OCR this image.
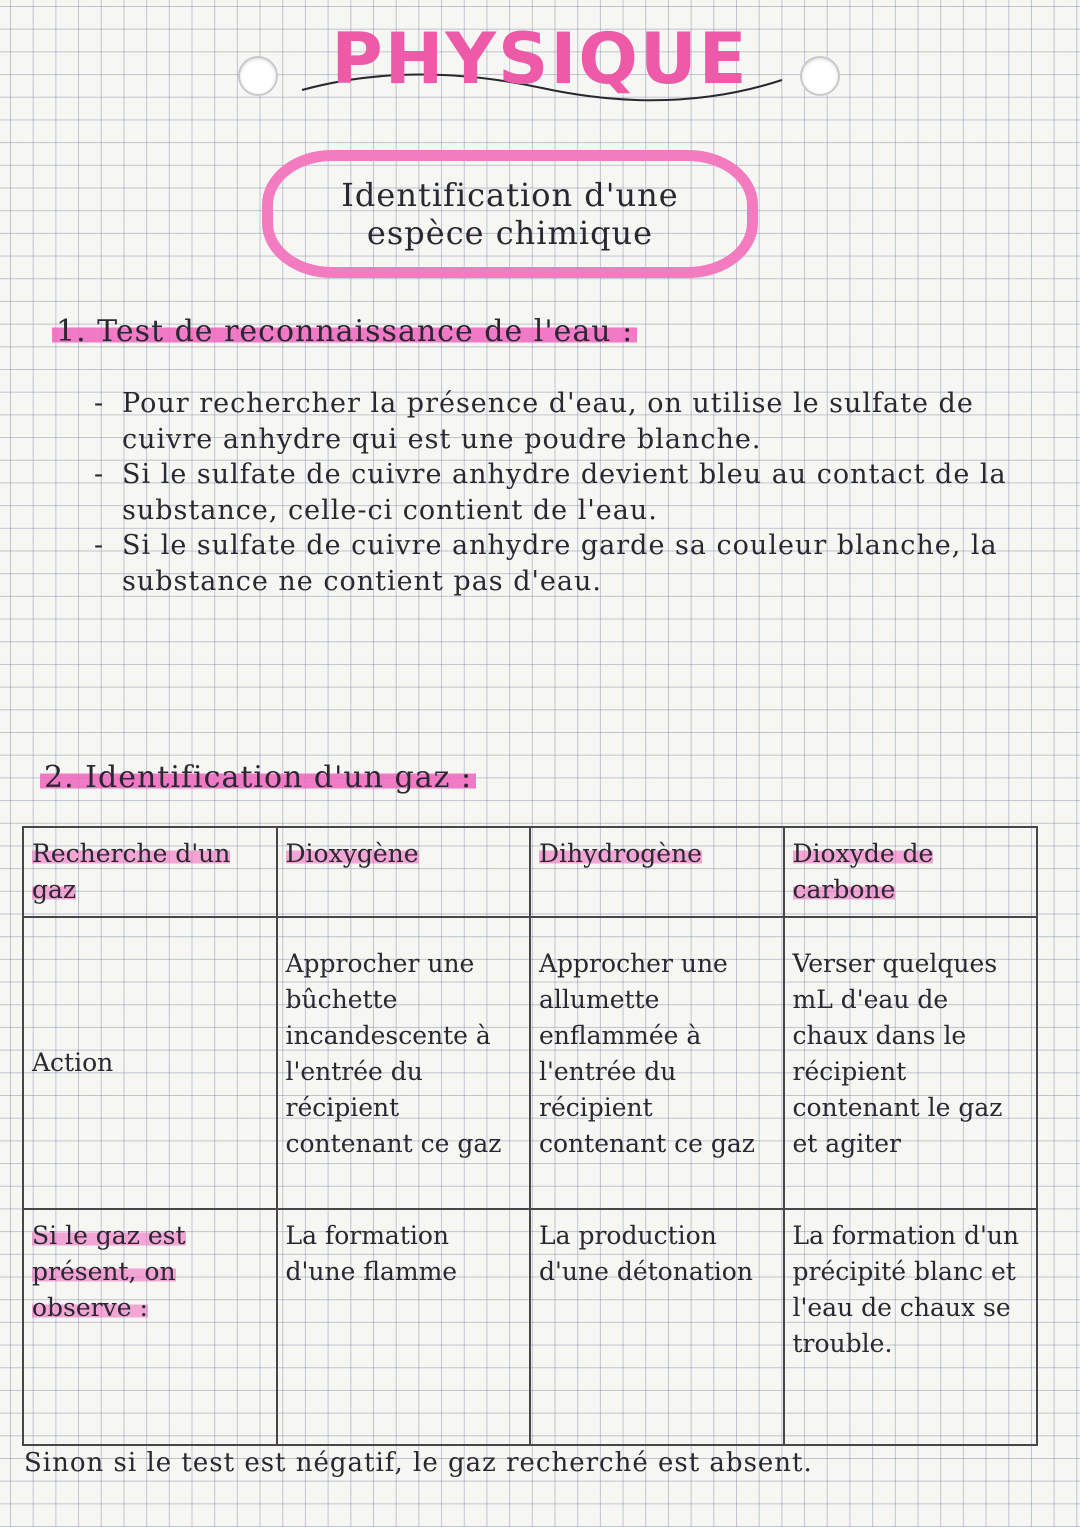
PHYSIQUE
Identification d'une
espèce chimique
1. Test de reconnaissance de l'eau :

- Pour rechercher la présence d'eau, on utilise le sulfate de cuivre anhydre qui est une poudre blanche.

- Si le sulfate de cuivre anhydre devient bleu au contact de la substance, celle-ci contient de l'eau.

- Si le sulfate de cuivre anhydre garde sa couleur blanche, la substance ne contient pas d'eau.

2. Identification d'un gaz :
Recherche d'un gaz	Dioxygène	Dihydrogène	Dioxyde de carbone
Action	Approcher une bûchette incandescente à l'entrée du récipient contenant ce gaz	Approcher une allumette enflammée à l'entrée du récipient contenant ce gaz	Verser quelques mL d'eau de chaux dans le récipient contenant le gaz et agiter

Si le gaz est présent, on observe :	La formation d'une flamme	La production d'une détonation	La formation d'un précipité blanc et l'eau de chaux se trouble.
Sinon si le test est négatif, le gaz recherché est absent.
